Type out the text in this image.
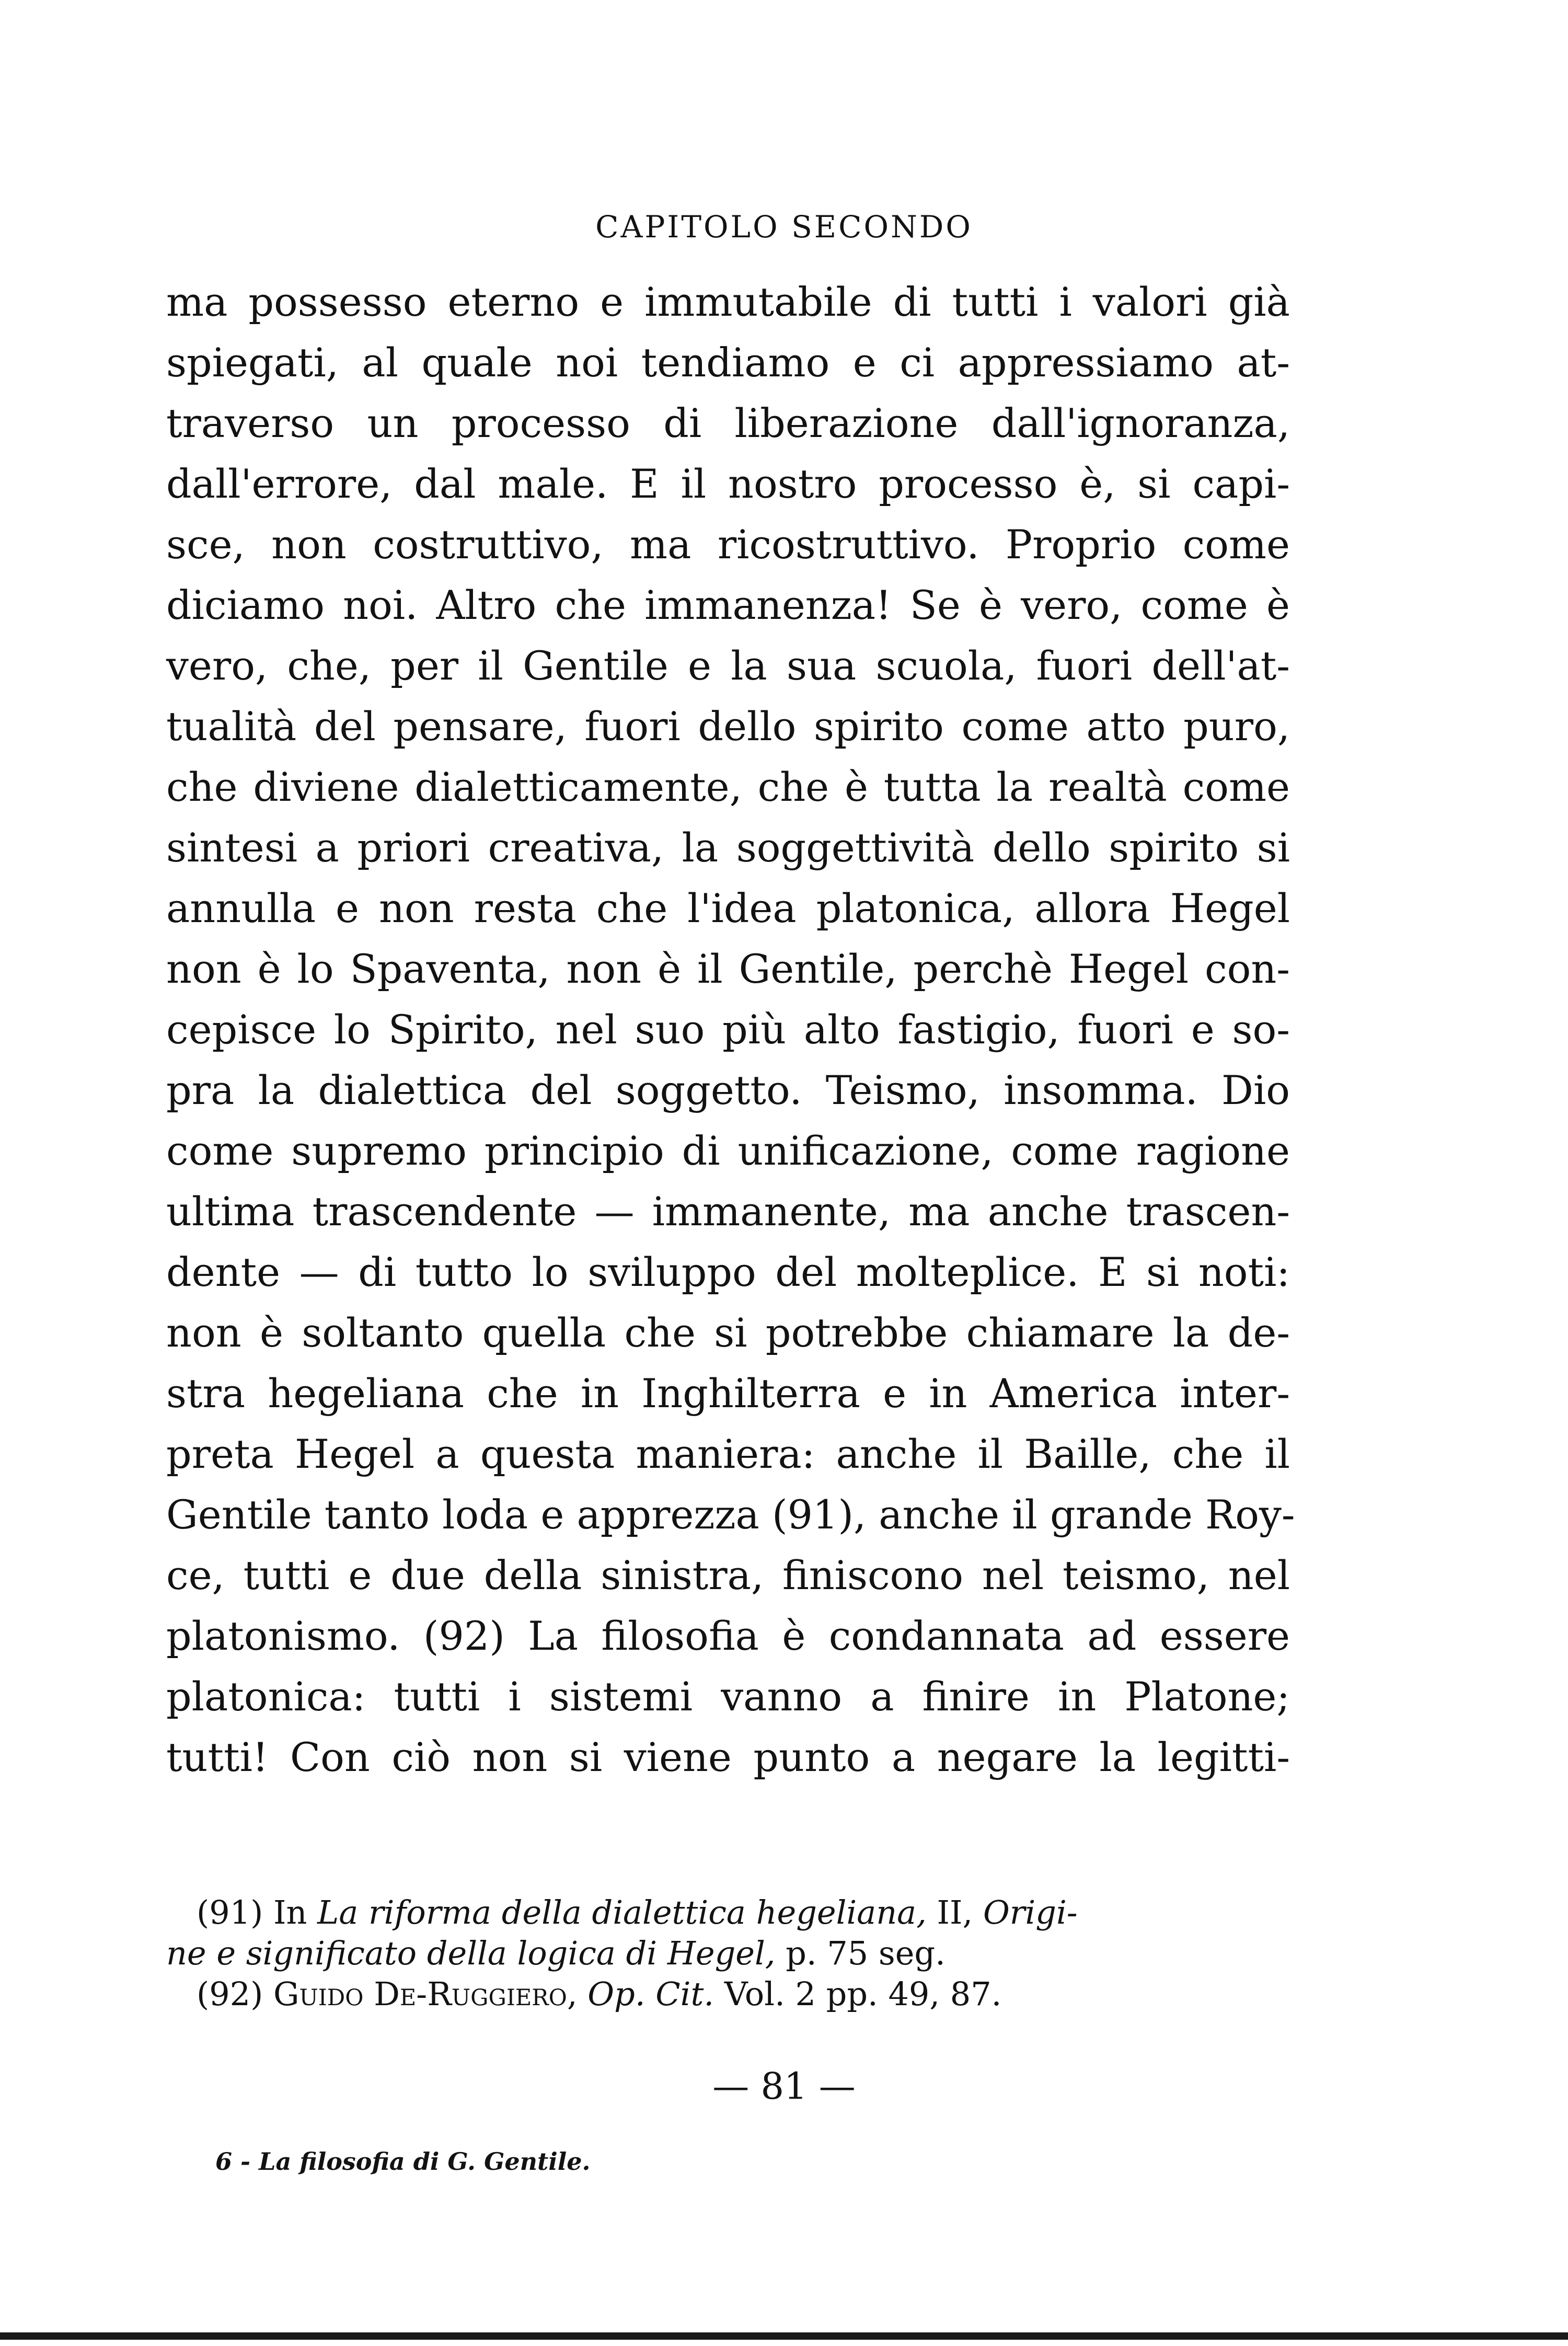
CAPITOLO SECONDO
ma possesso eterno e immutabile di tutti i valori già
spiegati, al quale noi tendiamo e ci appressiamo at-
traverso un processo di liberazione dall'ignoranza,
dall'errore, dal male. E il nostro processo è, si capi-
sce, non costruttivo, ma ricostruttivo. Proprio come
diciamo noi. Altro che immanenza! Se è vero, come è
vero, che, per il Gentile e la sua scuola, fuori dell'at-
tualità del pensare, fuori dello spirito come atto puro,
che diviene dialetticamente, che è tutta la realtà come
sintesi a priori creativa, la soggettività dello spirito si
annulla e non resta che l'idea platonica, allora Hegel
non è lo Spaventa, non è il Gentile, perchè Hegel con-
cepisce lo Spirito, nel suo più alto fastigio, fuori e so-
pra la dialettica del soggetto. Teismo, insomma. Dio
come supremo principio di unificazione, come ragione
ultima trascendente — immanente, ma anche trascen-
dente — di tutto lo sviluppo del molteplice. E si noti:
non è soltanto quella che si potrebbe chiamare la de-
stra hegeliana che in Inghilterra e in America inter-
preta Hegel a questa maniera: anche il Baille, che il
Gentile tanto loda e apprezza (91), anche il grande Roy-
ce, tutti e due della sinistra, finiscono nel teismo, nel
platonismo. (92) La filosofia è condannata ad essere
platonica: tutti i sistemi vanno a finire in Platone;
tutti! Con ciò non si viene punto a negare la legitti-
(91) In La riforma della dialettica hegeliana, II, Origi-
ne e significato della logica di Hegel, p. 75 seg.
(92) Guido De-Ruggiero, Op. Cit. Vol. 2 pp. 49, 87.
— 81 —
6 - La filosofia di G. Gentile.
